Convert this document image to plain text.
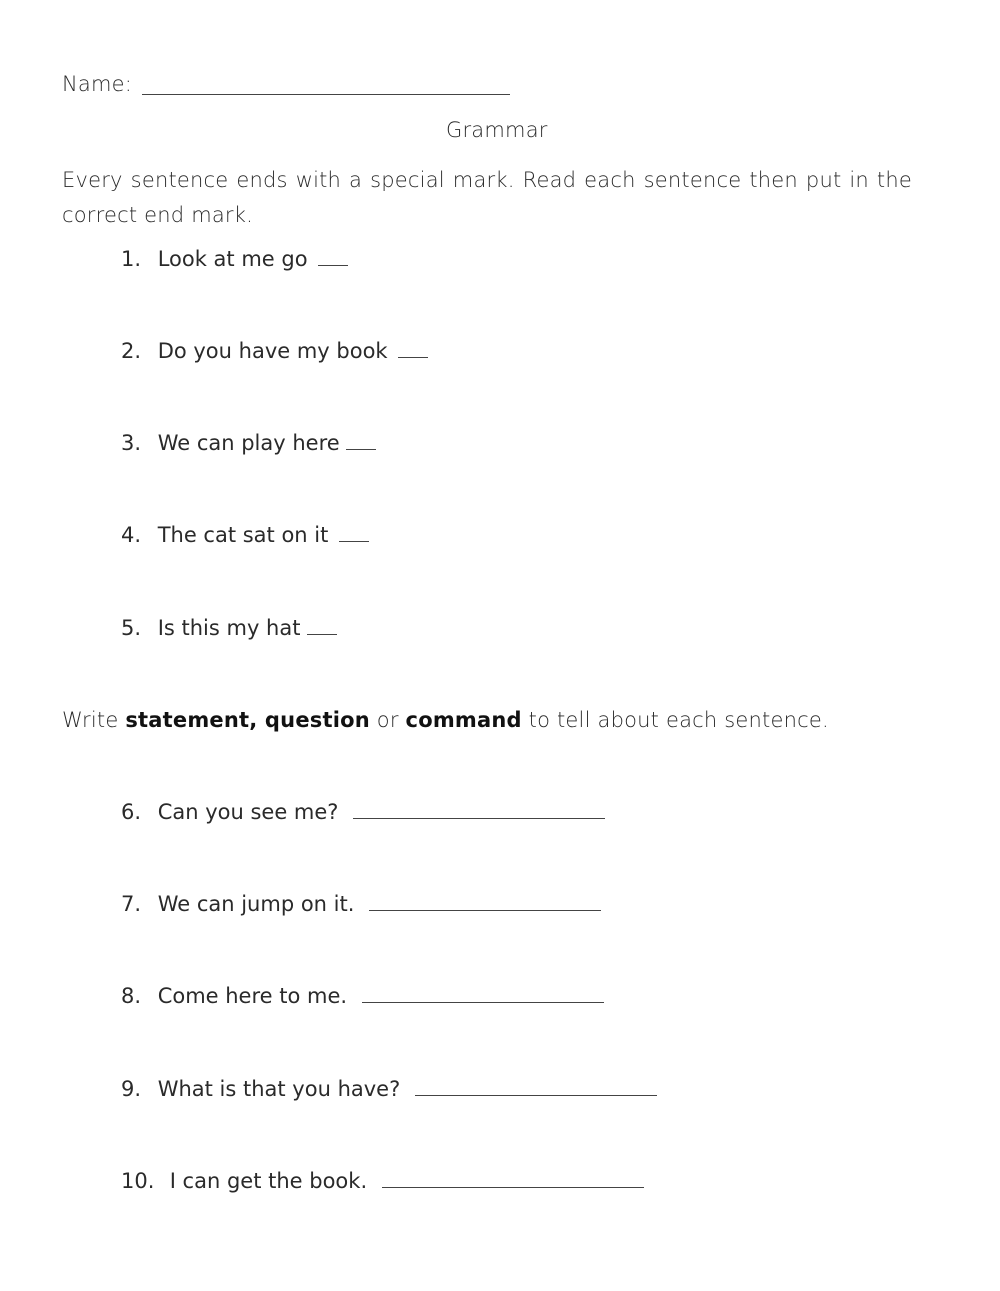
Name:
Grammar
Every sentence ends with a special mark. Read each sentence then put in the correct end mark.
1. Look at me go
2. Do you have my book
3. We can play here
4. The cat sat on it
5. Is this my hat
Write statement, question or command to tell about each sentence.
6. Can you see me?
7. We can jump on it.
8. Come here to me.
9. What is that you have?
10. I can get the book.
